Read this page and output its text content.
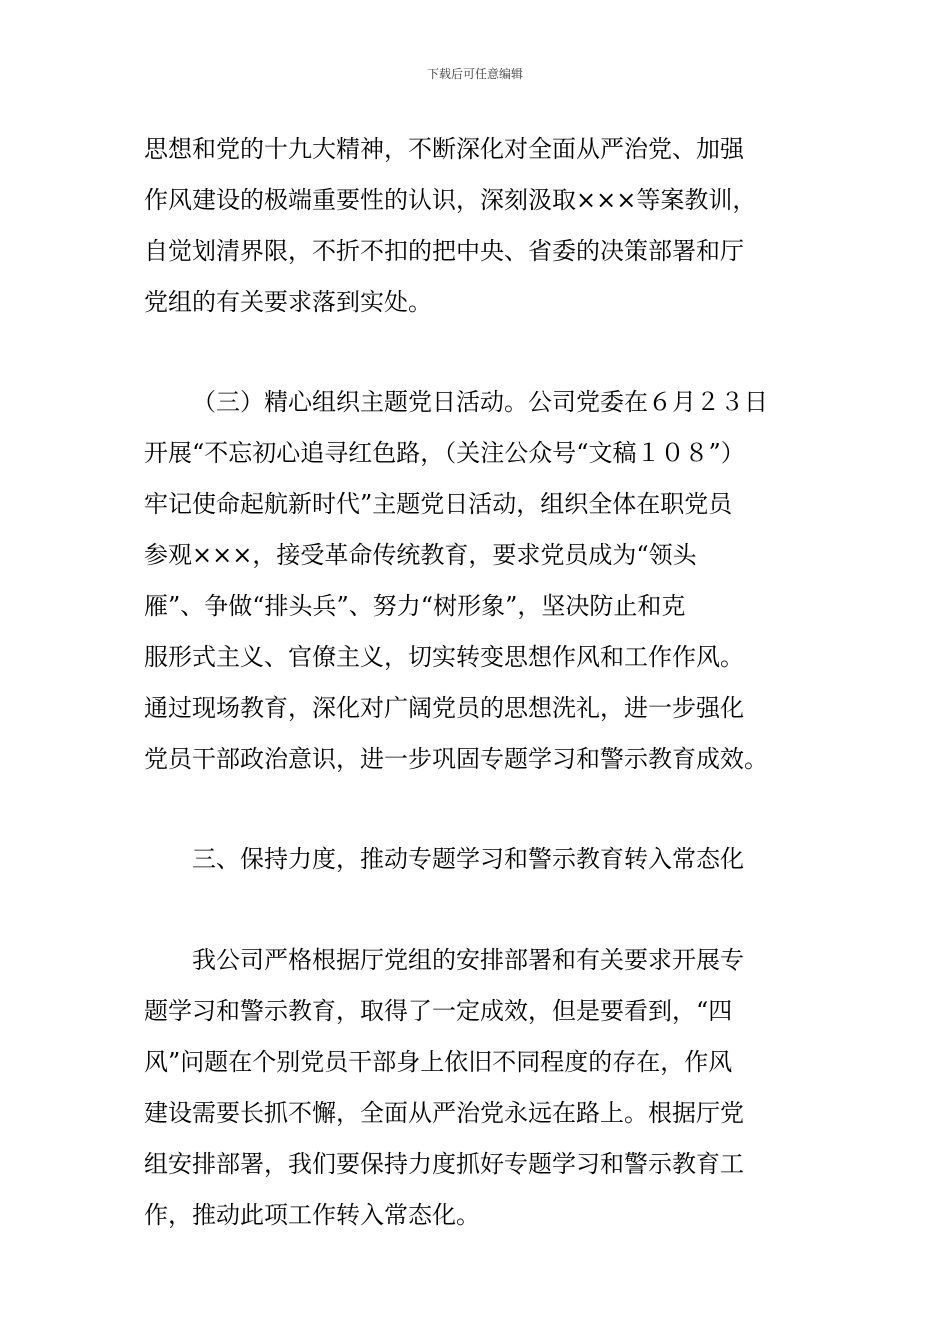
下载后可任意编辑
思想和党的十九大精神，不断深化对全面从严治党、加强
作风建设的极端重要性的认识，深刻汲取×××等案教训，
自觉划清界限，不折不扣的把中央、省委的决策部署和厅
党组的有关要求落到实处。
（三）精心组织主题党日活动。公司党委在６月２３日
开展“不忘初心追寻红色路，（关注公众号“文稿１０８”）
牢记使命起航新时代”主题党日活动，组织全体在职党员
参观×××，接受革命传统教育，要求党员成为“领头
雁”、争做“排头兵”、努力“树形象”，坚决防止和克
服形式主义、官僚主义，切实转变思想作风和工作作风。
通过现场教育，深化对广阔党员的思想洗礼，进一步强化
党员干部政治意识，进一步巩固专题学习和警示教育成效。
三、保持力度，推动专题学习和警示教育转入常态化
我公司严格根据厅党组的安排部署和有关要求开展专
题学习和警示教育，取得了一定成效，但是要看到，“四
风”问题在个别党员干部身上依旧不同程度的存在，作风
建设需要长抓不懈，全面从严治党永远在路上。根据厅党
组安排部署，我们要保持力度抓好专题学习和警示教育工
作，推动此项工作转入常态化。
